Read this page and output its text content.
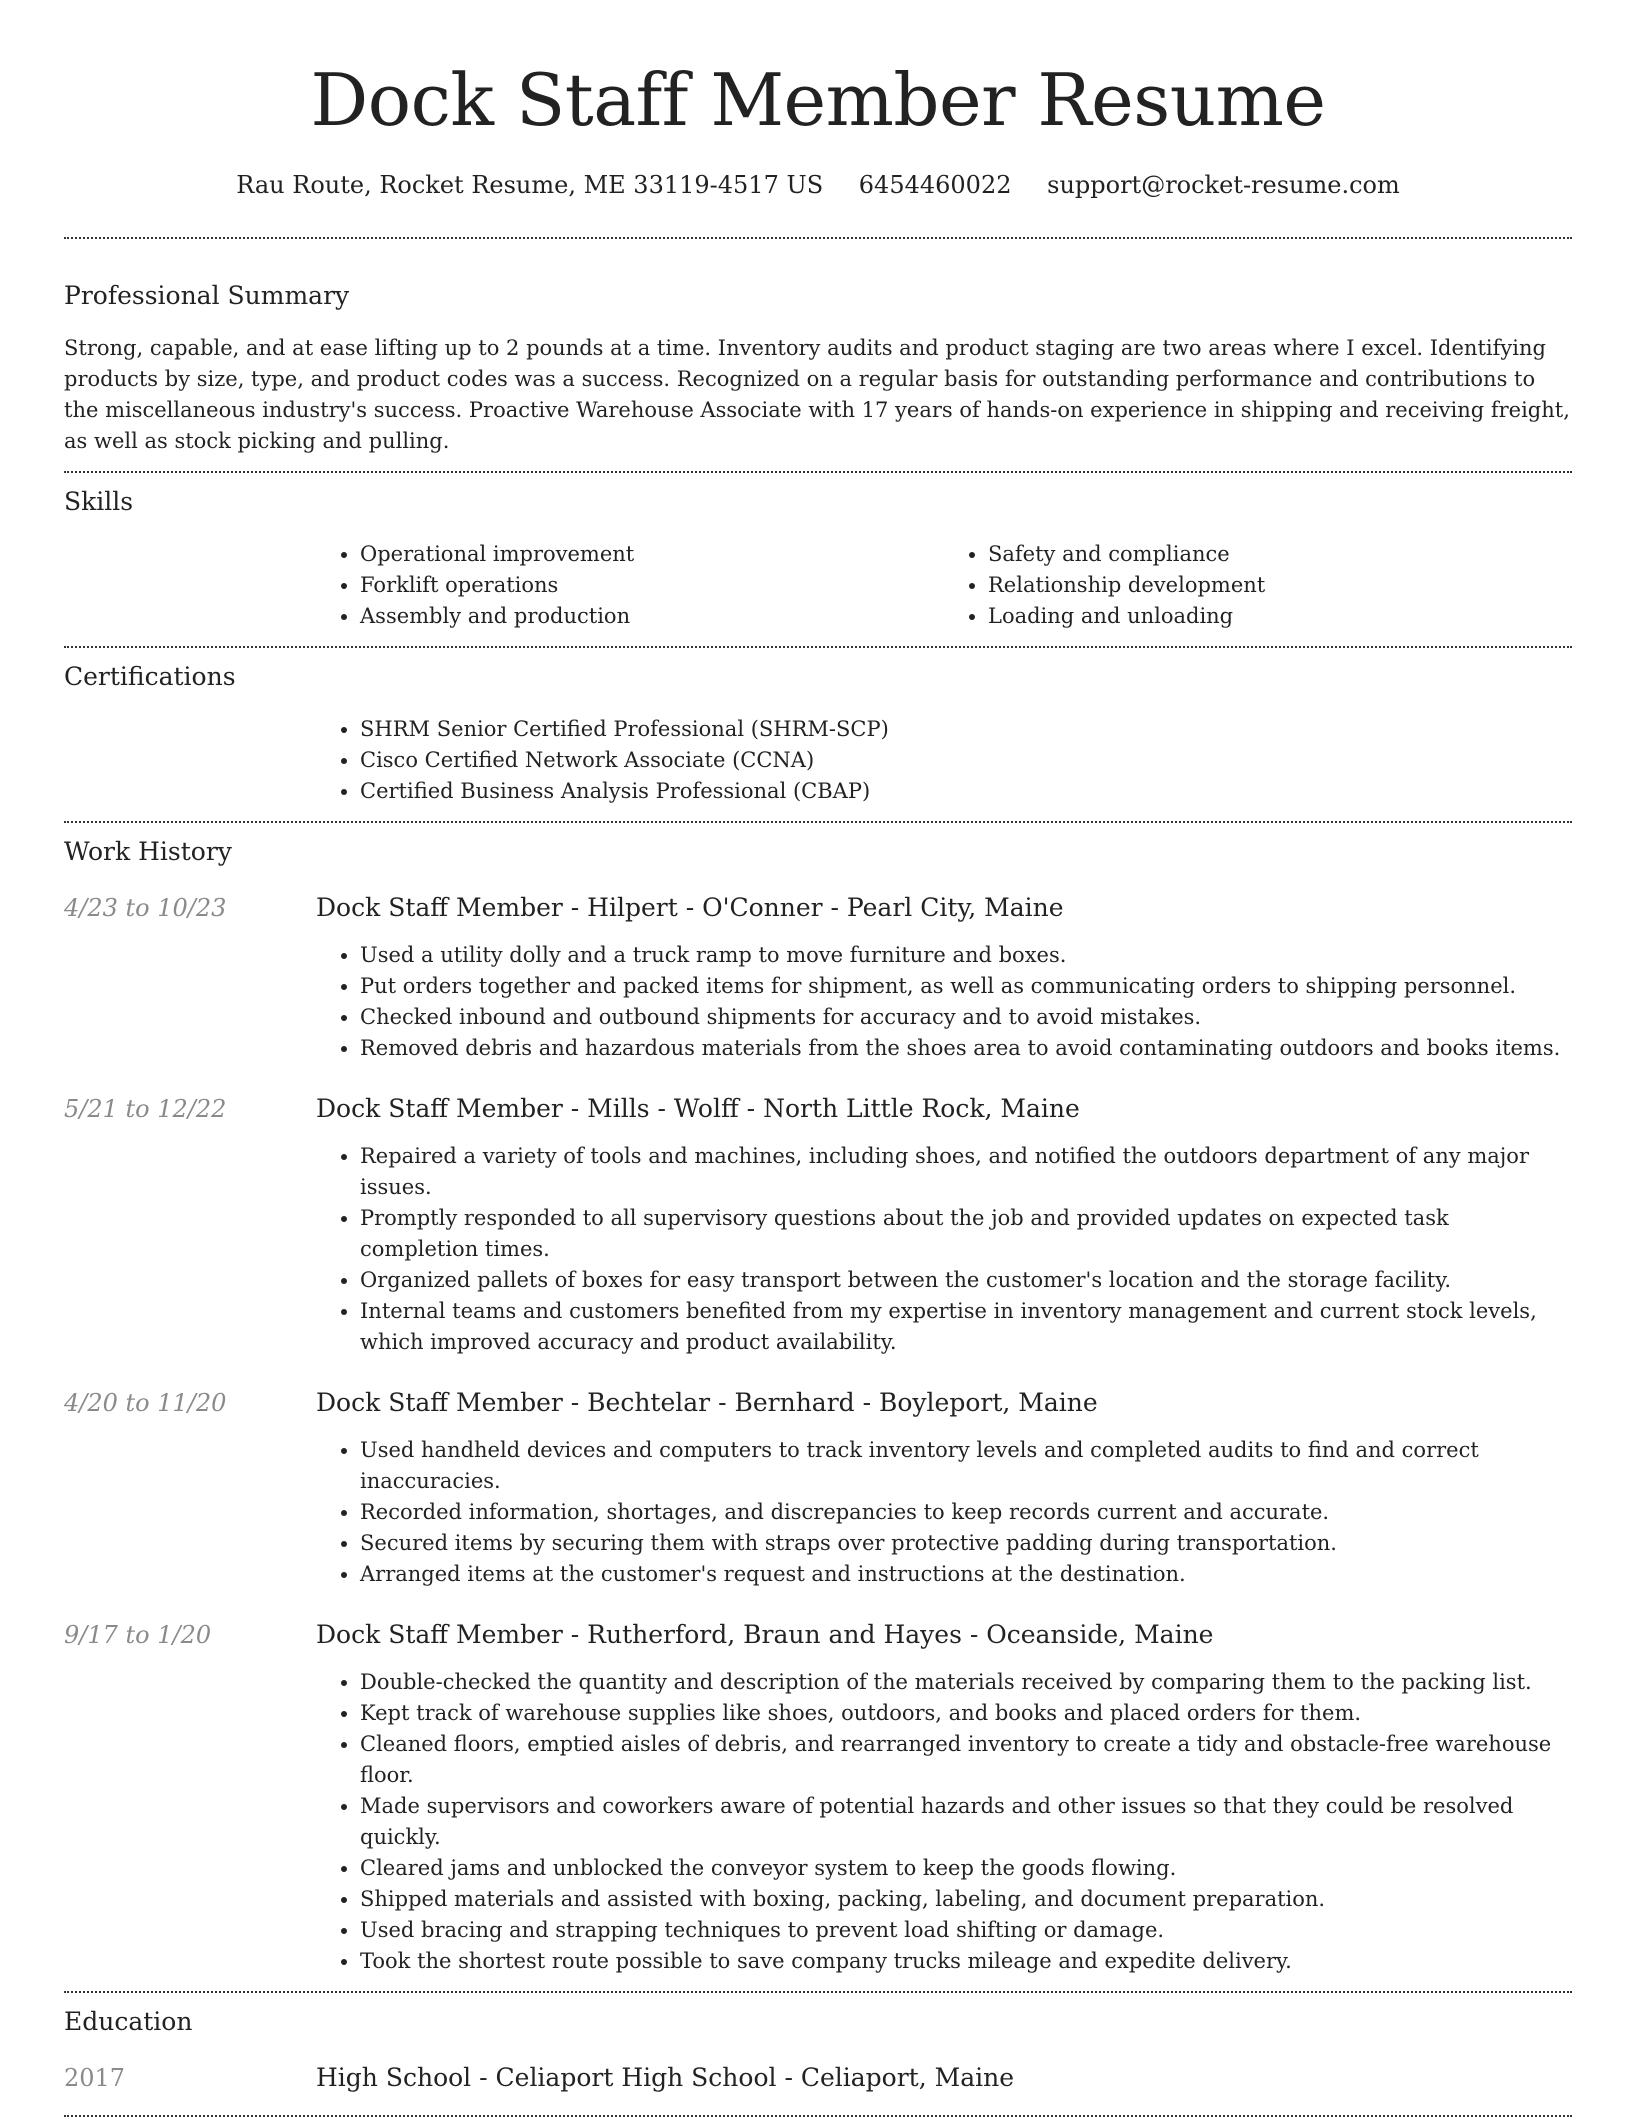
Dock Staff Member Resume
Rau Route, Rocket Resume, ME 33119-4517 US 6454460022 support@rocket-resume.com
Professional Summary

Strong, capable, and at ease lifting up to 2 pounds at a time. Inventory audits and product staging are two areas where I excel. Identifying products by size, type, and product codes was a success. Recognized on a regular basis for outstanding performance and contributions to the miscellaneous industry's success. Proactive Warehouse Associate with 17 years of hands-on experience in shipping and receiving freight, as well as stock picking and pulling.

Skills
• Operational improvement
• Forklift operations
• Assembly and production
• Safety and compliance
• Relationship development
• Loading and unloading
Certifications
• SHRM Senior Certified Professional (SHRM-SCP)
• Cisco Certified Network Associate (CCNA)
• Certified Business Analysis Professional (CBAP)
Work History
4/23 to 10/23	Dock Staff Member - Hilpert - O'Conner - Pearl City, Maine
• Used a utility dolly and a truck ramp to move furniture and boxes.
• Put orders together and packed items for shipment, as well as communicating orders to shipping personnel.
• Checked inbound and outbound shipments for accuracy and to avoid mistakes.
• Removed debris and hazardous materials from the shoes area to avoid contaminating outdoors and books items.
5/21 to 12/22	Dock Staff Member - Mills - Wolff - North Little Rock, Maine
• Repaired a variety of tools and machines, including shoes, and notified the outdoors department of any major issues.
• Promptly responded to all supervisory questions about the job and provided updates on expected task completion times.
• Organized pallets of boxes for easy transport between the customer's location and the storage facility.
• Internal teams and customers benefited from my expertise in inventory management and current stock levels, which improved accuracy and product availability.
4/20 to 11/20	Dock Staff Member - Bechtelar - Bernhard - Boyleport, Maine
• Used handheld devices and computers to track inventory levels and completed audits to find and correct inaccuracies.
• Recorded information, shortages, and discrepancies to keep records current and accurate.
• Secured items by securing them with straps over protective padding during transportation.
• Arranged items at the customer's request and instructions at the destination.
9/17 to 1/20	Dock Staff Member - Rutherford, Braun and Hayes - Oceanside, Maine
• Double-checked the quantity and description of the materials received by comparing them to the packing list.
• Kept track of warehouse supplies like shoes, outdoors, and books and placed orders for them.
• Cleaned floors, emptied aisles of debris, and rearranged inventory to create a tidy and obstacle-free warehouse floor.
• Made supervisors and coworkers aware of potential hazards and other issues so that they could be resolved quickly.
• Cleared jams and unblocked the conveyor system to keep the goods flowing.
• Shipped materials and assisted with boxing, packing, labeling, and document preparation.
• Used bracing and strapping techniques to prevent load shifting or damage.
• Took the shortest route possible to save company trucks mileage and expedite delivery.
Education
2017	High School - Celiaport High School - Celiaport, Maine
